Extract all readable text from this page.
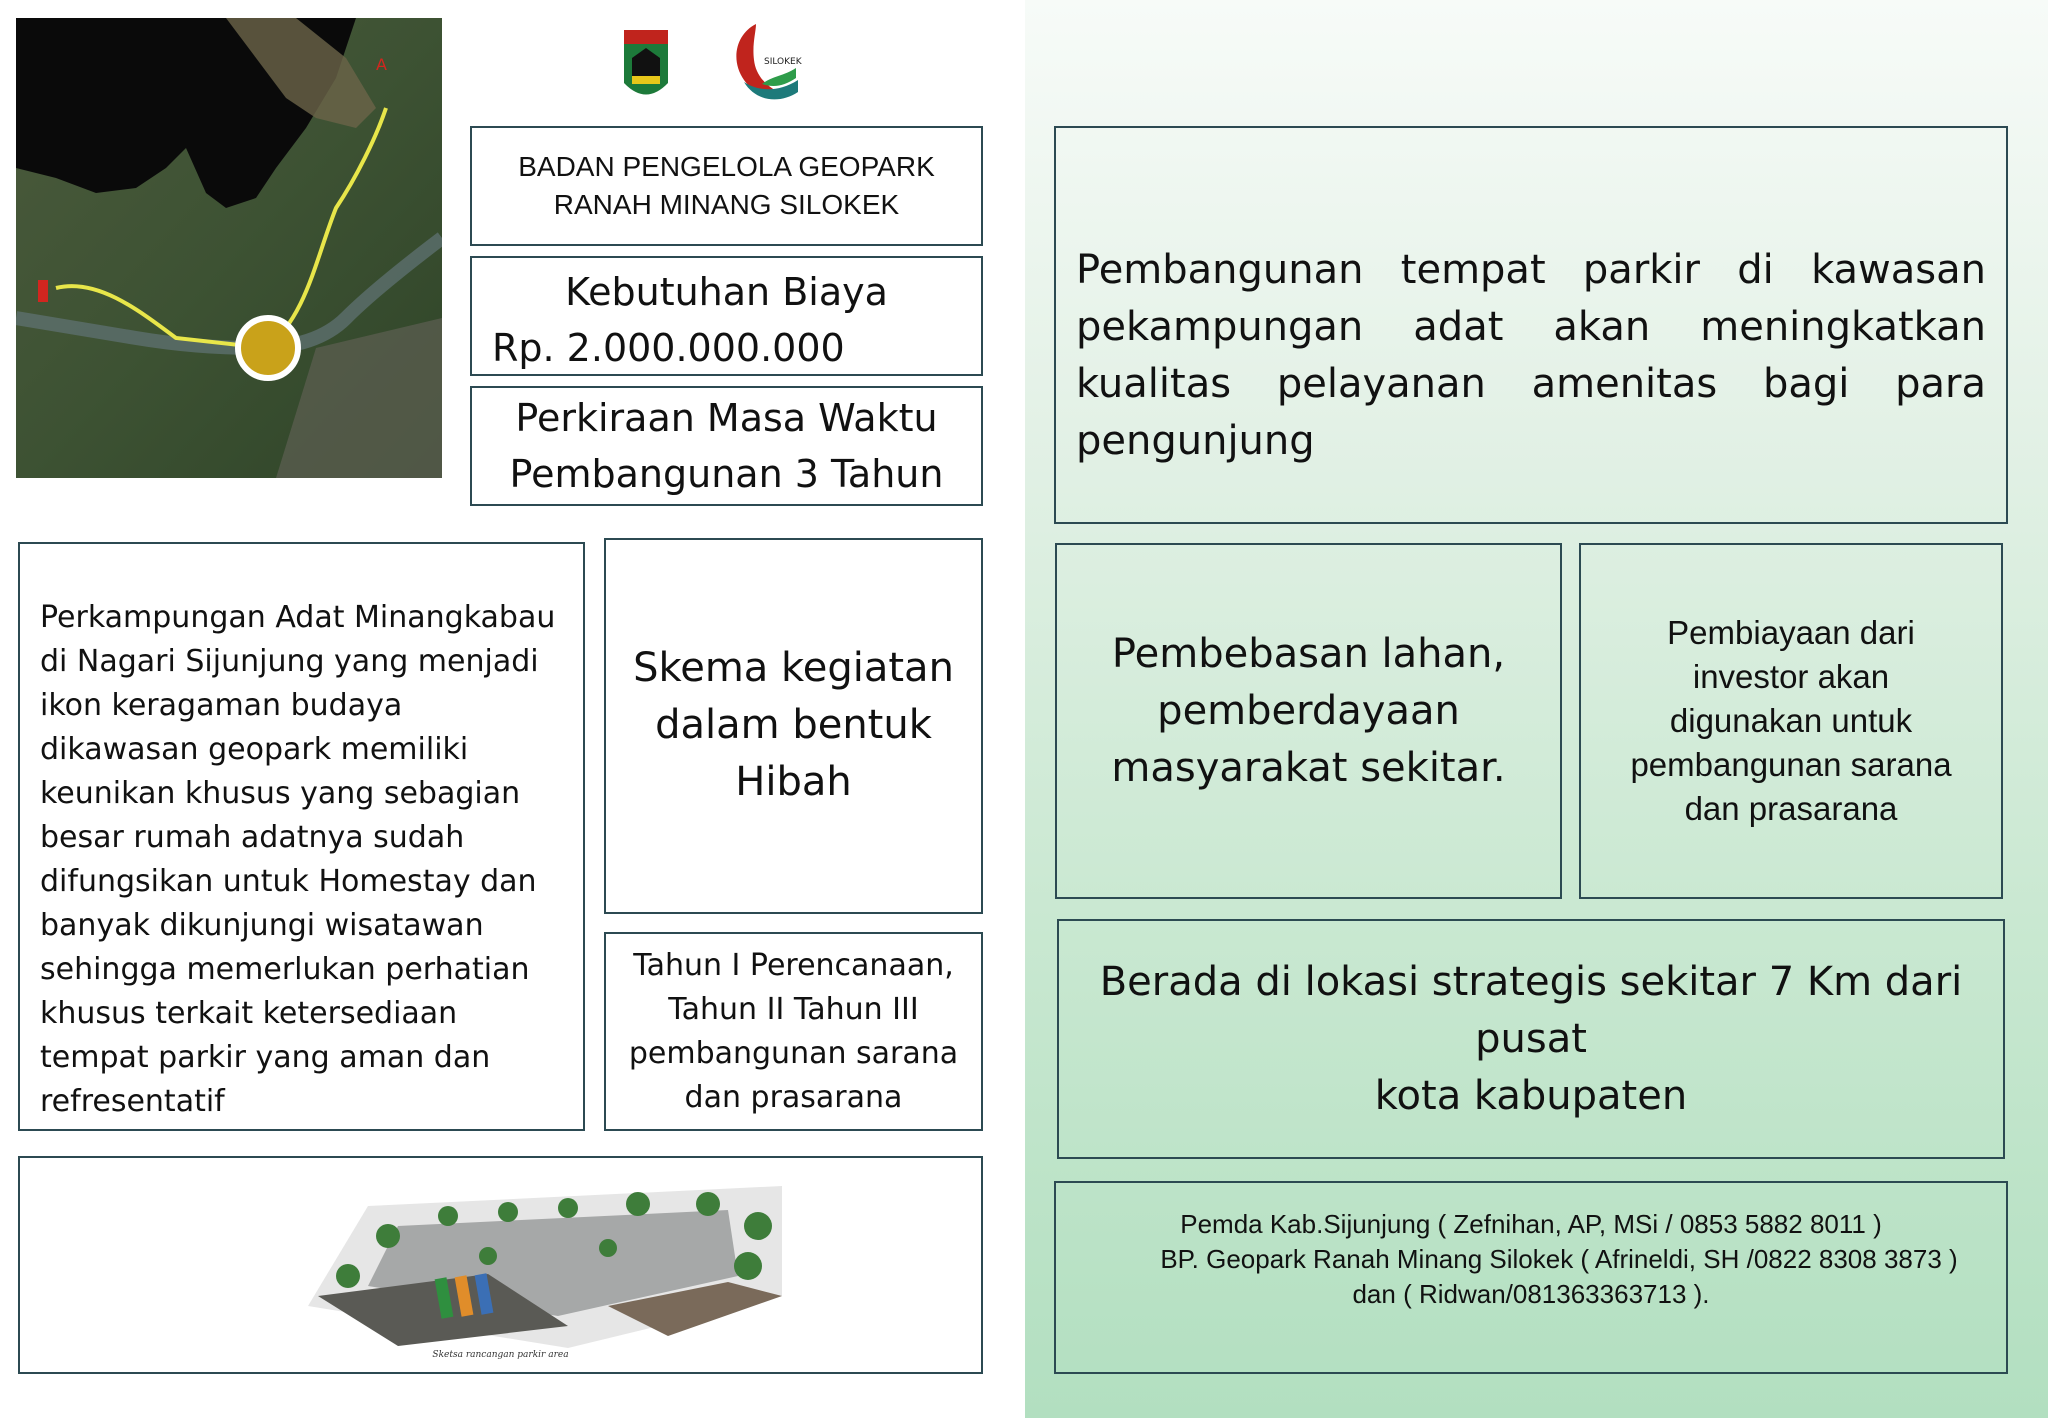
A	SILOKEK
BADAN PENGELOLA GEOPARK
RANAH MINANG SILOKEK
Kebutuhan Biaya
Rp. 2.000.000.000
Perkiraan Masa Waktu
Pembangunan 3 Tahun
Perkampungan Adat Minangkabau di Nagari Sijunjung yang menjadi ikon keragaman budaya dikawasan geopark memiliki keunikan khusus yang sebagian besar rumah adatnya sudah difungsikan untuk Homestay dan banyak dikunjungi wisatawan sehingga memerlukan perhatian khusus terkait ketersediaan tempat parkir yang aman dan refresentatif
Skema kegiatan
dalam bentuk
Hibah
Tahun I Perencanaan,
Tahun II Tahun III
pembangunan sarana
dan prasarana
Sketsa rancangan parkir area
Pembangunan tempat parkir di kawasan pekampungan adat akan meningkatkan kualitas pelayanan amenitas bagi para pengunjung
Pembebasan lahan,
pemberdayaan
masyarakat sekitar.
Pembiayaan dari
investor akan
digunakan untuk
pembangunan sarana
dan prasarana
Berada di lokasi strategis sekitar 7 Km dari pusat
kota kabupaten
Pemda Kab.Sijunjung ( Zefnihan, AP, MSi / 0853 5882 8011 )
BP. Geopark Ranah Minang Silokek ( Afrineldi, SH /0822 8308 3873 )
dan ( Ridwan/081363363713 ).
